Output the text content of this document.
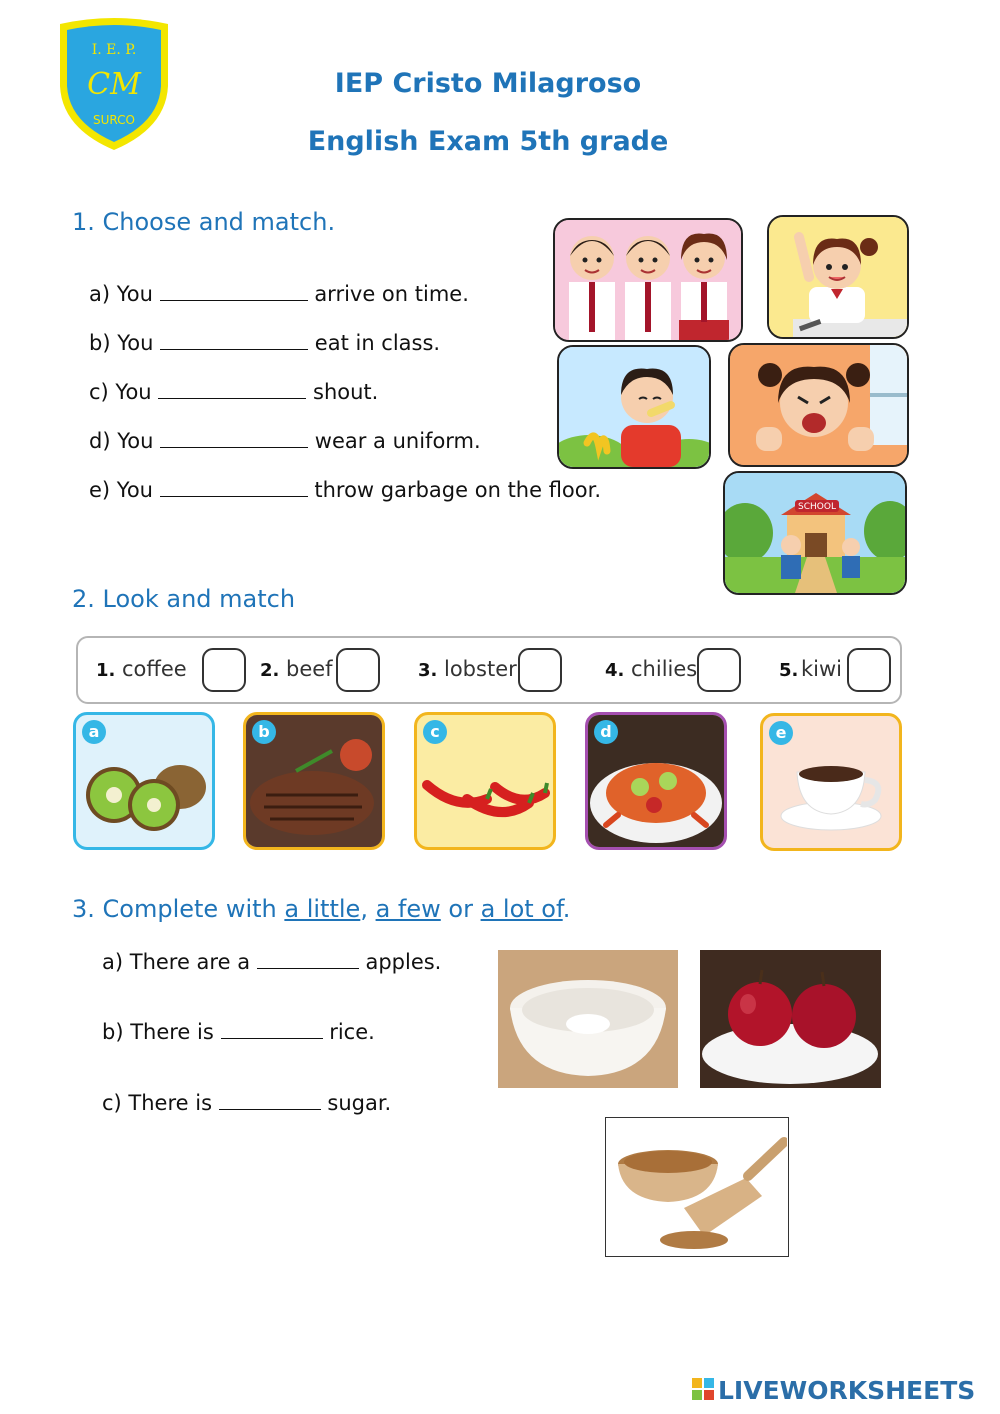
I. E. P.
CM
SURCO
IEP Cristo Milagroso
English Exam 5th grade
1. Choose and match.
a) You	arrive on time.
b) You	eat in class.
c) You	shout.
d) You	wear a uniform.
e) You	throw garbage on the floor.
SCHOOL
2. Look and match
1. coffee	2. beef	3. lobster	4. chilies	5. kiwi
a	b	c	d	e
3. Complete with a little, a few or a lot of.
a) There are a	apples.
b) There is	rice.
c) There is	sugar.
LIVEWORKSHEETS
